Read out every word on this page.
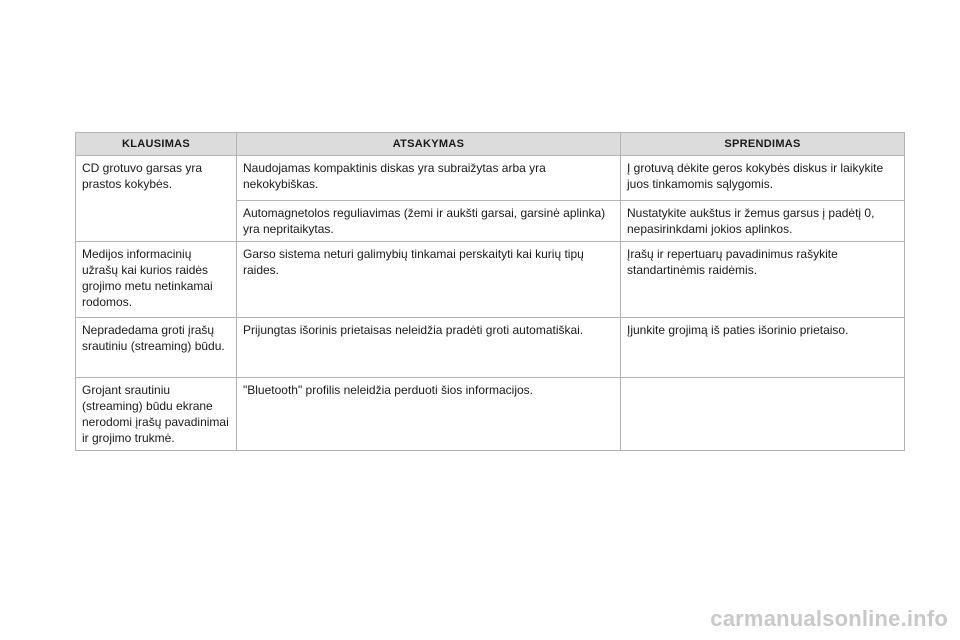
KLAUSIMAS	ATSAKYMAS	SPRENDIMAS
CD grotuvo garsas yra prastos kokybės.	Naudojamas kompaktinis diskas yra subraižytas arba yra nekokybiškas.	Į grotuvą dėkite geros kokybės diskus ir laikykite juos tinkamomis sąlygomis.
	Automagnetolos reguliavimas (žemi ir aukšti garsai, garsinė aplinka) yra nepritaikytas.	Nustatykite aukštus ir žemus garsus į padėtį 0, nepasirinkdami jokios aplinkos.
Medijos informacinių užrašų kai kurios raidės grojimo metu netinkamai rodomos.	Garso sistema neturi galimybių tinkamai perskaityti kai kurių tipų raides.	Įrašų ir repertuarų pavadinimus rašykite standartinėmis raidėmis.
Nepradedama groti įrašų srautiniu (streaming) būdu.	Prijungtas išorinis prietaisas neleidžia pradėti groti automatiškai.	Įjunkite grojimą iš paties išorinio prietaiso.
Grojant srautiniu (streaming) būdu ekrane nerodomi įrašų pavadinimai ir grojimo trukmė.	"Bluetooth" profilis neleidžia perduoti šios informacijos.	
carmanualsonline.info
